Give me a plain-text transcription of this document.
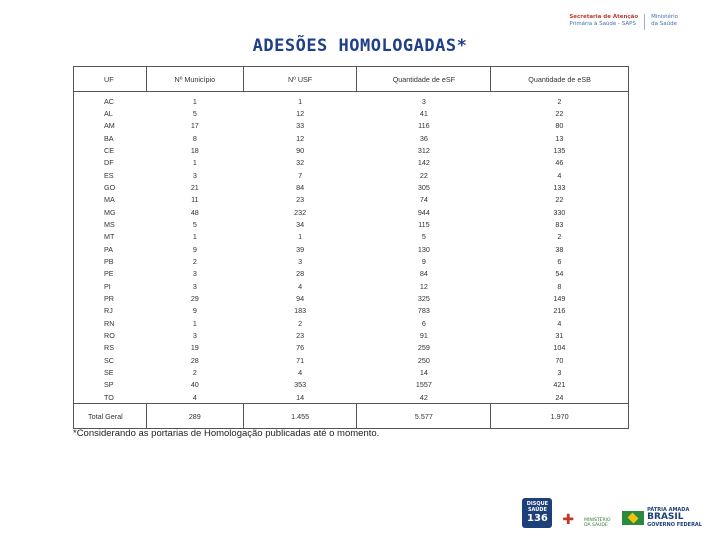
Secretaria de Atenção
Primária à Saúde - SAPS
Ministério
da Saúde
ADESÕES HOMOLOGADAS*
UF	Nº Município	Nº USF	Quantidade de eSF	Quantidade de eSB
AC	1	1	3	2
AL	5	12	41	22
AM	17	33	116	80
BA	8	12	36	13
CE	18	90	312	135
DF	1	32	142	46
ES	3	7	22	4
GO	21	84	305	133
MA	11	23	74	22
MG	48	232	944	330
MS	5	34	115	83
MT	1	1	5	2
PA	9	39	130	38
PB	2	3	9	6
PE	3	28	84	54
PI	3	4	12	8
PR	29	94	325	149
RJ	9	183	783	216
RN	1	2	6	4
RO	3	23	91	31
RS	19	76	259	104
SC	28	71	250	70
SE	2	4	14	3
SP	40	353	1557	421
TO	4	14	42	24
Total Geral	289	1.455	5.577	1.970
*Considerando as portarias de Homologação publicadas até o momento.
DISQUE
SAÚDE
136	✚ MINISTÉRIO DA SAÚDE
PÁTRIA AMADA
BRASIL
GOVERNO FEDERAL
